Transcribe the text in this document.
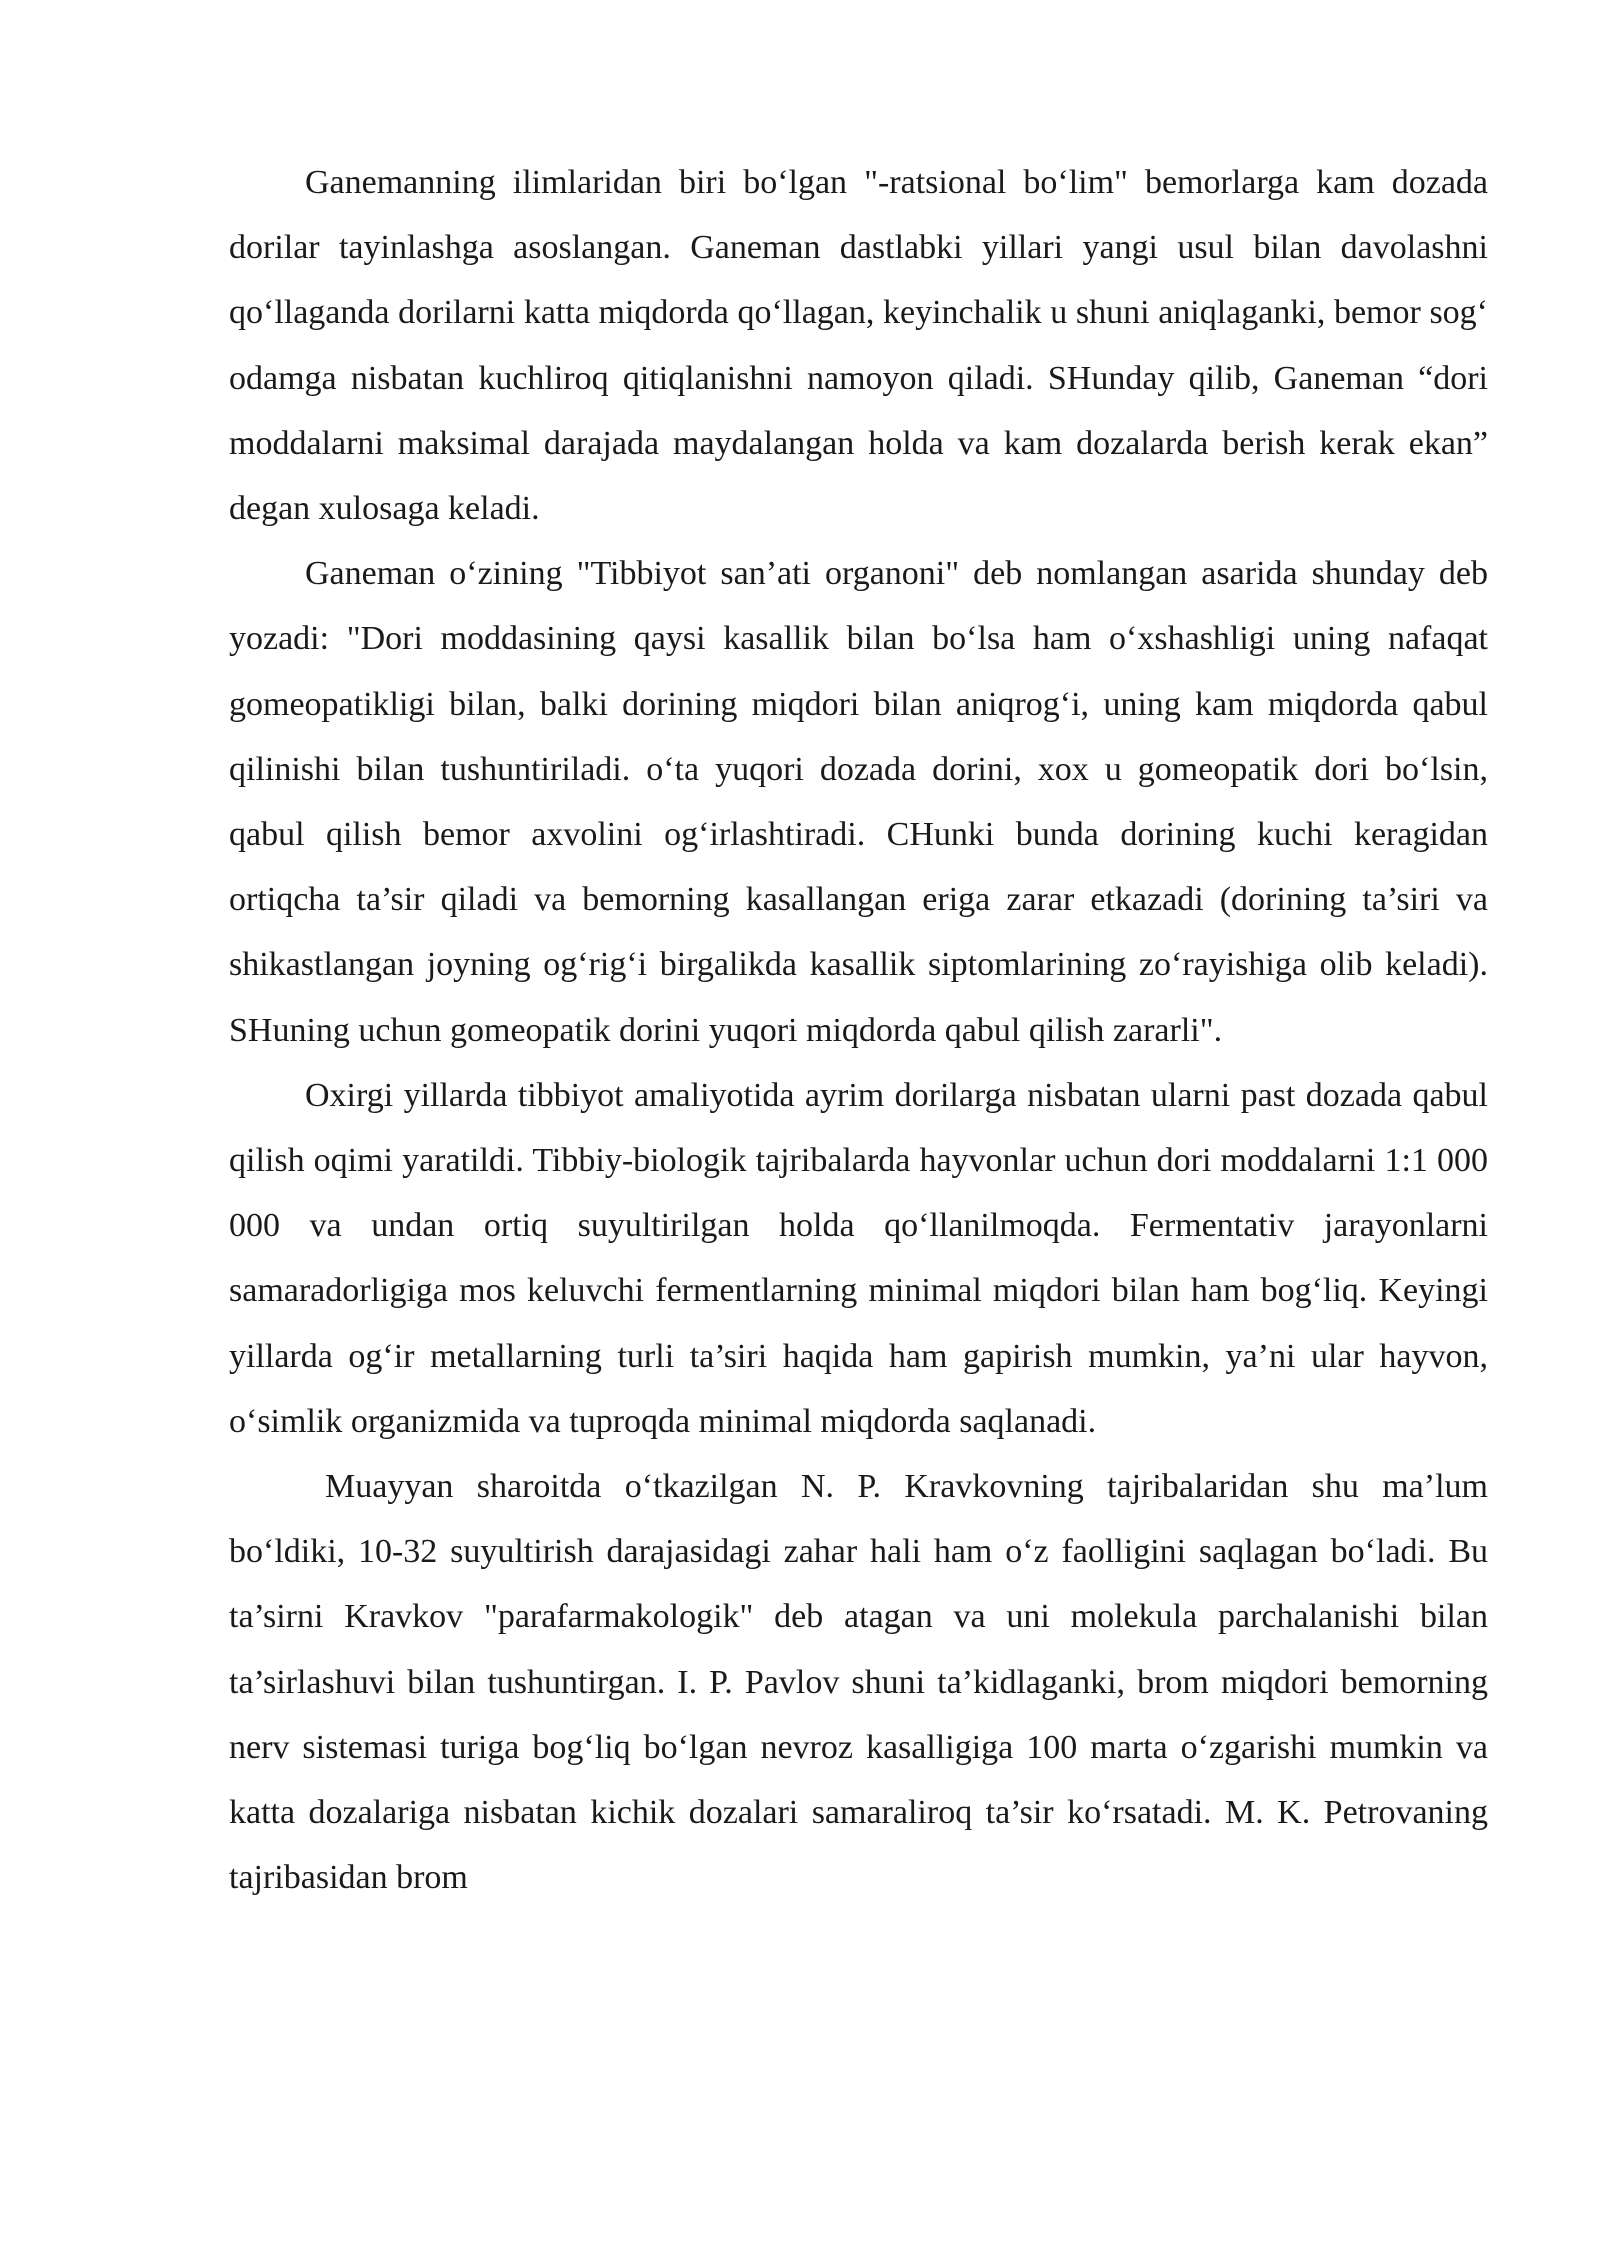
Ganemanning ilimlaridan biri bo‘lgan "-ratsional bo‘lim" bemorlarga kam dozada dorilar tayinlashga asoslangan. Ganeman dastlabki yillari yangi usul bilan davolashni qo‘llaganda dorilarni katta miqdorda qo‘llagan, keyinchalik u shuni aniqlaganki, bemor sog‘ odamga nisbatan kuchliroq qitiqlanishni namoyon qiladi. SHunday qilib, Ganeman “dori moddalarni maksimal darajada maydalangan holda va kam dozalarda berish kerak ekan” degan xulosaga keladi.

Ganeman o‘zining "Tibbiyot san’ati organoni" deb nomlangan asarida shunday deb yozadi: "Dori moddasining qaysi kasallik bilan bo‘lsa ham o‘xshashligi uning nafaqat gomeopatikligi bilan, balki dorining miqdori bilan aniqrog‘i, uning kam miqdorda qabul qilinishi bilan tushuntiriladi. o‘ta yuqori dozada dorini, xox u gomeopatik dori bo‘lsin, qabul qilish bemor axvolini og‘irlashtiradi. CHunki bunda dorining kuchi keragidan ortiqcha ta’sir qiladi va bemorning kasallangan eriga zarar etkazadi (dorining ta’siri va shikastlangan joyning og‘rig‘i birgalikda kasallik siptomlarining zo‘rayishiga olib keladi). SHuning uchun gomeopatik dorini yuqori miqdorda qabul qilish zararli".

Oxirgi yillarda tibbiyot amaliyotida ayrim dorilarga nisbatan ularni past dozada qabul qilish oqimi yaratildi. Tibbiy-biologik tajribalarda hayvonlar uchun dori moddalarni 1:1 000 000 va undan ortiq suyultirilgan holda qo‘llanilmoqda. Fermentativ jarayonlarni samaradorligiga mos keluvchi fermentlarning minimal miqdori bilan ham bog‘liq. Keyingi yillarda og‘ir metallarning turli ta’siri haqida ham gapirish mumkin, ya’ni ular hayvon, o‘simlik organizmida va tuproqda minimal miqdorda saqlanadi.

Muayyan sharoitda o‘tkazilgan N. P. Kravkovning tajribalaridan shu ma’lum bo‘ldiki, 10-32 suyultirish darajasidagi zahar hali ham o‘z faolligini saqlagan bo‘ladi. Bu ta’sirni Kravkov "parafarmakologik" deb atagan va uni molekula parchalanishi bilan ta’sirlashuvi bilan tushuntirgan. I. P. Pavlov shuni ta’kidlaganki, brom miqdori bemorning nerv sistemasi turiga bog‘liq bo‘lgan nevroz kasalligiga 100 marta o‘zgarishi mumkin va katta dozalariga nisbatan kichik dozalari samaraliroq ta’sir ko‘rsatadi. M. K. Petrovaning tajribasidan brom
